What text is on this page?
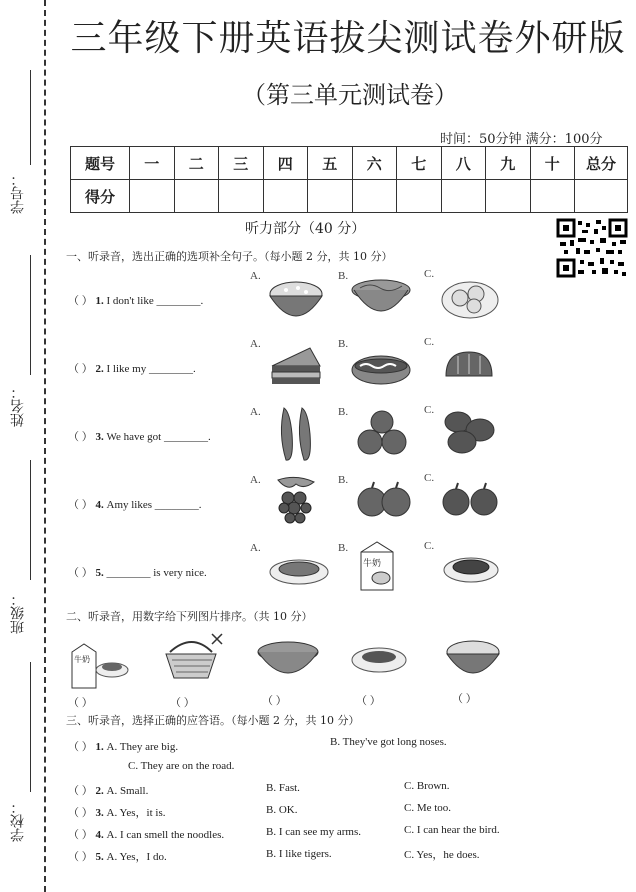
三年级下册英语拔尖测试卷外研版
（第三单元测试卷）
学号：
姓名：
班级：
学校：
时间：50分钟 满分：100分
题号	一	二	三	四	五	六	七	八	九	十	总分
得分											
听力部分（40 分）
一、听录音，选出正确的选项补全句子。（每小题 2 分，共 10 分）
（ ） 1. I don't like ________.
A.	B.	C.
（ ） 2. I like my ________.
A.	B.	C.
（ ） 3. We have got ________.
A.	B.	C.
（ ） 4. Amy likes ________.
A.	B.	C.
（ ） 5. ________ is very nice.
A.	B.	C.
牛奶
二、听录音，用数字给下列图片排序。（共 10 分）
牛奶
（ ）	（ ）	（ ）	（ ）	（ ）
三、听录音，选择正确的应答语。（每小题 2 分，共 10 分）
（ ） 1. A. They are big.	B. They've got long noses.
C. They are on the road.
（ ） 2. A. Small.	B. Fast.	C. Brown.
（ ） 3. A. Yes，it is.	B. OK.	C. Me too.
（ ） 4. A. I can smell the noodles.	B. I can see my arms.	C. I can hear the bird.
（ ） 5. A. Yes，I do.	B. I like tigers.	C. Yes，he does.
